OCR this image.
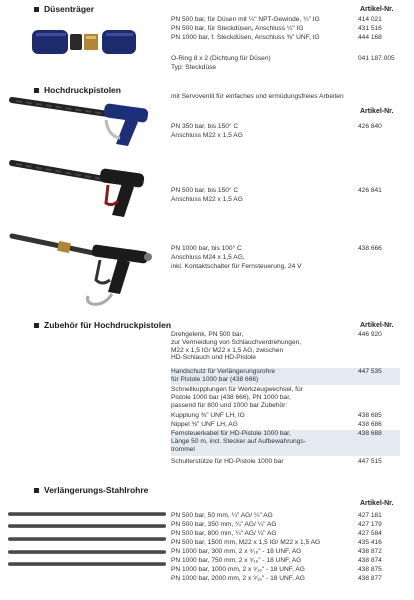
Düsenträger	Artikel-Nr.
PN 500 bar, für Düsen mit ¼" NPT-Gewinde, ¼" IG	414 021
PN 500 bar, für Steckdüsen, Anschluss ¼" IG	431 516
PN 1000 bar, f. Steckdüsen, Anschluss ⅜" UNF, IG	444 168
O-Ring 8 x 2 (Dichtung für Düsen)	041 187.005
Typ: Steckdüse
Hochdruckpistolen
mit Servoventil für einfaches und ermüdungsfreies Arbeiten
Artikel-Nr.
PN 350 bar, bis 150° C
Anschluss M22 x 1,5 AG
426 840
PN 500 bar, bis 150° C
Anschluss M22 x 1,5 AG
426 841
PN 1000 bar, bis 100° C
Anschluss M24 x 1,5 AG,
inkl. Kontaktschalter für Fernsteuerung, 24 V
438 666
Zubehör für Hochdruckpistolen	Artikel-Nr.
Drehgelenk, PN 500 bar,
zur Vermeidung von Schlauchverdrehungen,
M22 x 1,5 IG/ M22 x 1,5 AG, zwischen
HD-Schlauch und HD-Pistole
446 920
Handschutz für Verlängerungsrohre
für Pistole 1000 bar (438 666)
447 535
Schnellkupplungen für Werkzeugwechsel, für
Pistole 1000 bar (438 666), PN 1000 bar,
passend für 800 und 1000 bar Zubehör:
Kupplung ⅜" UNF LH, IG	438 685
Nippel ⅜" UNF LH, AG	438 686
Fernsteuerkabel für HD-Pistole 1000 bar,
Länge 50 m, incl. Stecker auf Aufbewahrungs-
trommel
438 688
Schulterstütze für HD-Pistole 1000 bar	447 515
Verlängerungs-Stahlrohre
Artikel-Nr.
PN 500 bar, 50 mm, ¼" AG/ ¼" AG	427 181
PN 500 bar, 350 mm, ¼" AG/ ¼" AG	427 179
PN 500 bar, 800 mm, ¼" AG/ ¼" AG	427 584
PN 500 bar, 1500 mm, M22 x 1,5 IG/ M22 x 1,5 AG	435 416
PN 1000 bar, 300 mm, 2 x ⁹⁄₁₆" - 18 UNF, AG	438 872
PN 1000 bar, 750 mm, 2 x ⁹⁄₁₆" - 18 UNF, AG	438 874
PN 1000 bar, 1000 mm, 2 x ⁹⁄₁₆" - 18 UNF, AG	438 875
PN 1000 bar, 2000 mm, 2 x ⁹⁄₁₆" - 18 UNF, AG	438 877
